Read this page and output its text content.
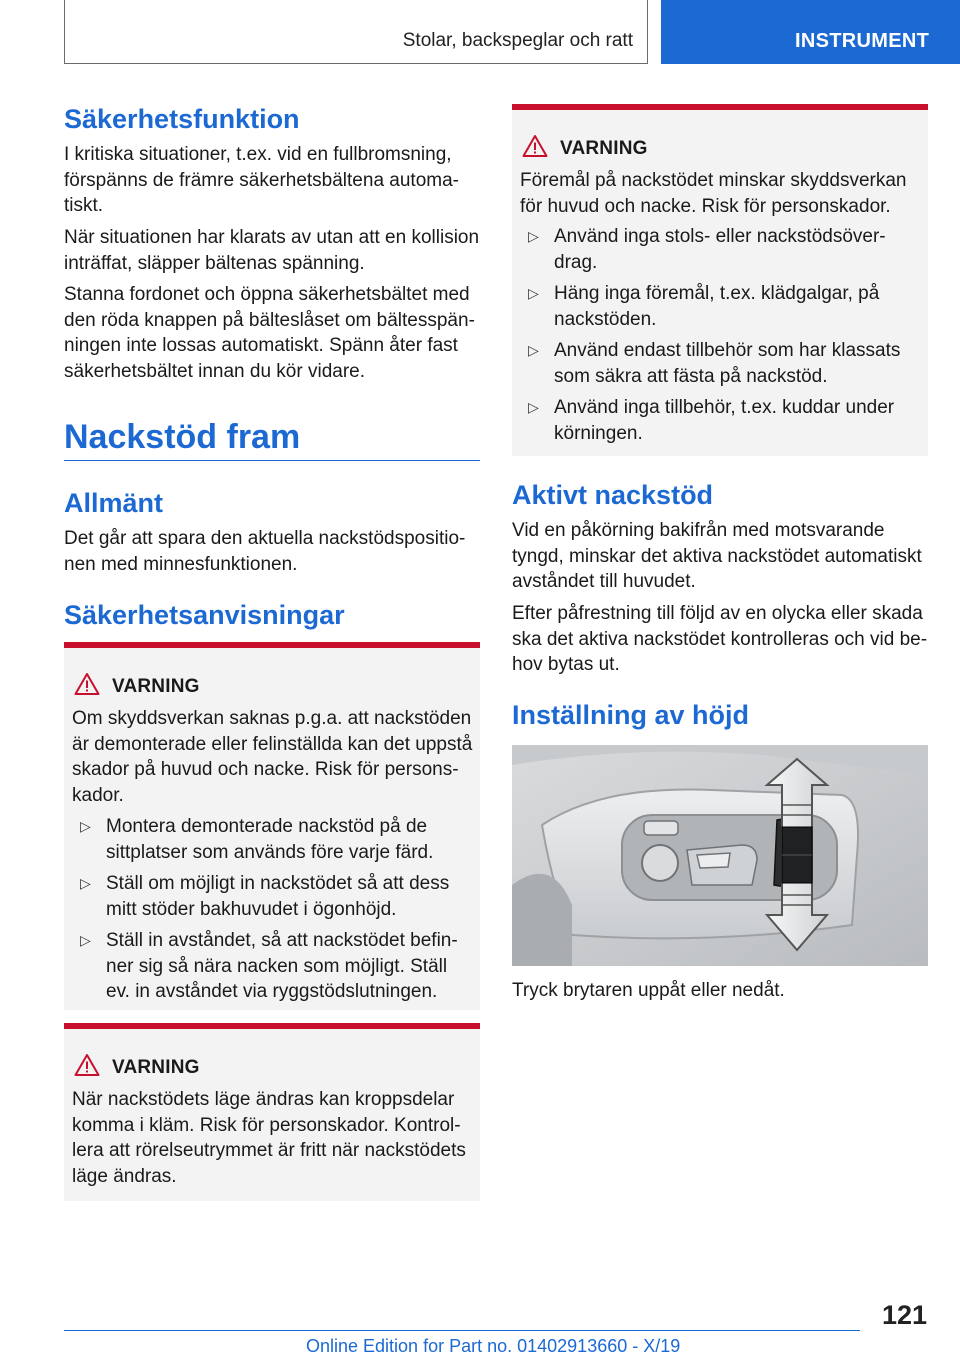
Stolar, backspeglar och ratt	INSTRUMENT
Säkerhetsfunktion

I kritiska situationer, t.ex. vid en fullbromsning, förspänns de främre säkerhetsbältena automatiskt.

När situationen har klarats av utan att en kollision inträffat, släpper bältenas spänning.

Stanna fordonet och öppna säkerhetsbältet med den röda knappen på bälteslåset om bältesspänningen inte lossas automatiskt. Spänn åter fast säkerhetsbältet innan du kör vidare.

Nackstöd fram
Allmänt

Det går att spara den aktuella nackstödspositionen med minnesfunktionen.

Säkerhetsanvisningar
VARNING

Om skyddsverkan saknas p.g.a. att nackstöden är demonterade eller felinställda kan det uppstå skador på huvud och nacke. Risk för personskador.

▷ Montera demonterade nackstöd på de sittplatser som används före varje färd.
▷ Ställ om möjligt in nackstödet så att dess mitt stöder bakhuvudet i ögonhöjd.
▷ Ställ in avståndet, så att nackstödet befinner sig så nära nacken som möjligt. Ställ ev. in avståndet via ryggstödslutningen.
VARNING

När nackstödets läge ändras kan kroppsdelar komma i kläm. Risk för personskador. Kontrollera att rörelseutrymmet är fritt när nackstödets läge ändras.

VARNING

Föremål på nackstödet minskar skyddsverkan för huvud och nacke. Risk för personskador.

▷ Använd inga stols- eller nackstödsöverdrag.
▷ Häng inga föremål, t.ex. klädgalgar, på nackstöden.
▷ Använd endast tillbehör som har klassats som säkra att fästa på nackstöd.
▷ Använd inga tillbehör, t.ex. kuddar under körningen.
Aktivt nackstöd

Vid en påkörning bakifrån med motsvarande tyngd, minskar det aktiva nackstödet automatiskt avståndet till huvudet.

Efter påfrestning till följd av en olycka eller skada ska det aktiva nackstödet kontrolleras och vid behov bytas ut.

Inställning av höjd

Tryck brytaren uppåt eller nedåt.

121
Online Edition for Part no. 01402913660 - X/19
